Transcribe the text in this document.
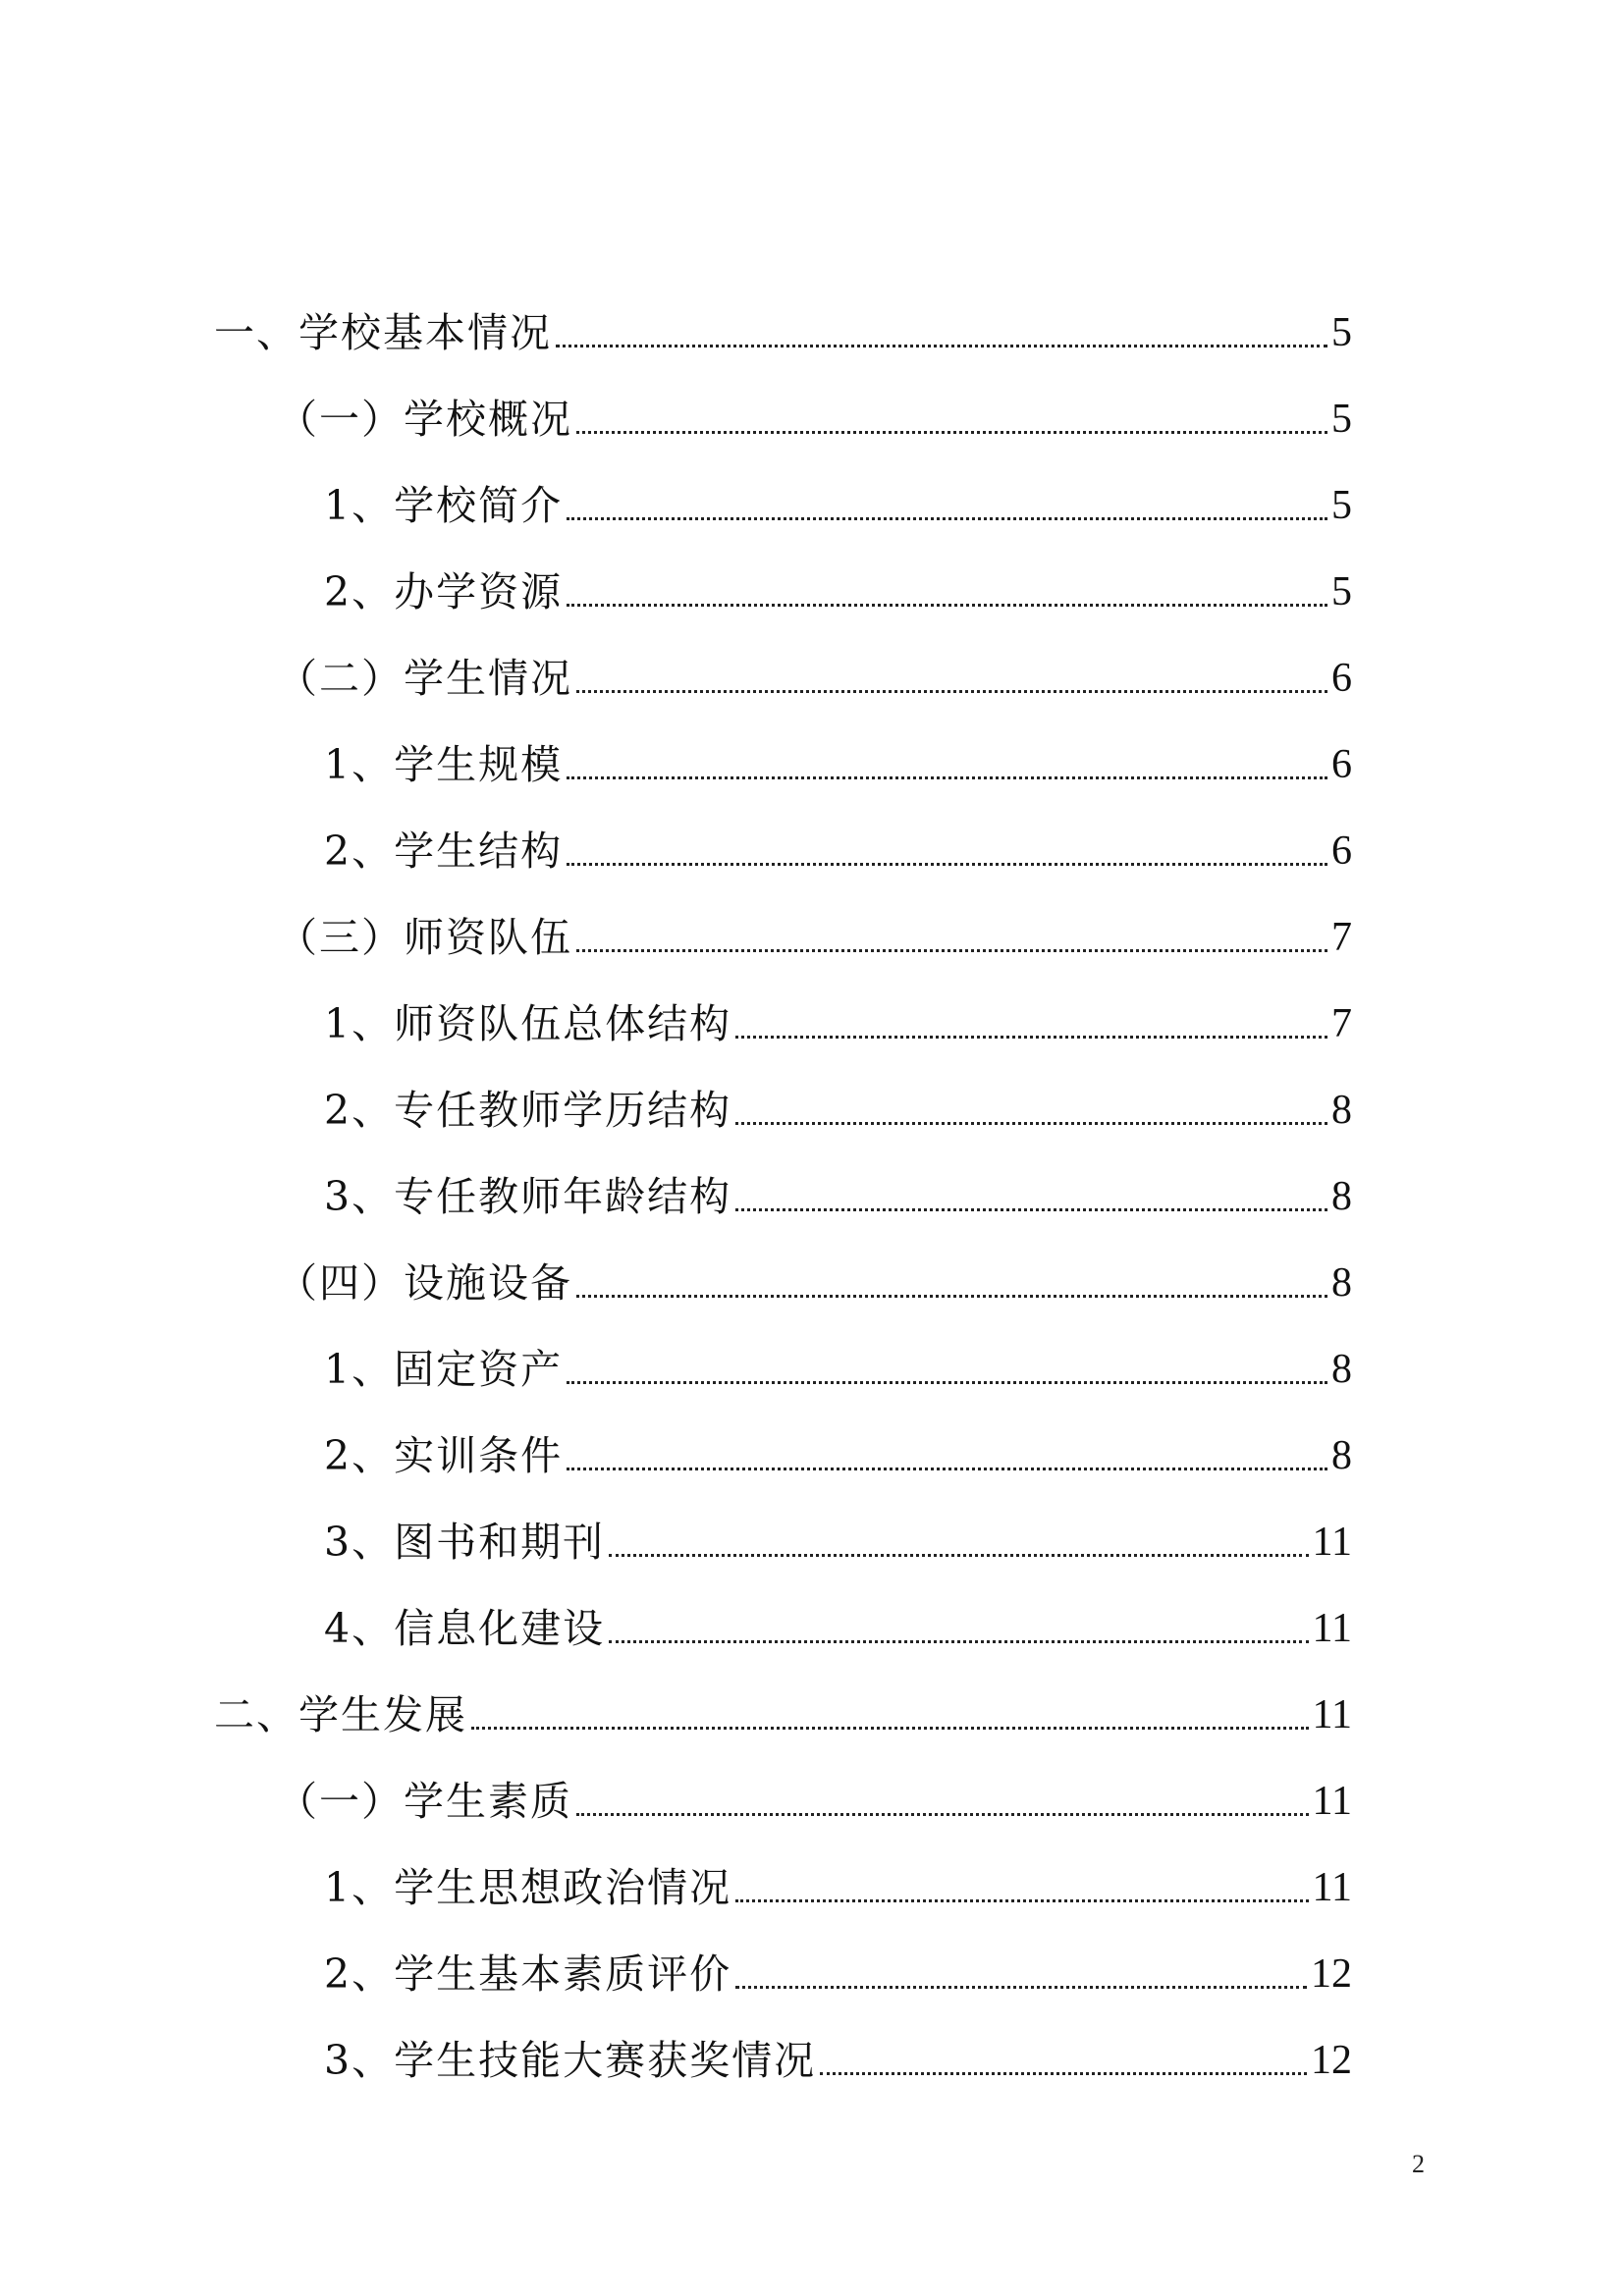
一、学校基本情况	5
（一）学校概况	5
1、学校简介	5
2、办学资源	5
（二）学生情况	6
1、学生规模	6
2、学生结构	6
（三）师资队伍	7
1、师资队伍总体结构	7
2、专任教师学历结构	8
3、专任教师年龄结构	8
（四）设施设备	8
1、固定资产	8
2、实训条件	8
3、图书和期刊	11
4、信息化建设	11
二、学生发展	11
（一）学生素质	11
1、学生思想政治情况	11
2、学生基本素质评价	12
3、学生技能大赛获奖情况	12
2
